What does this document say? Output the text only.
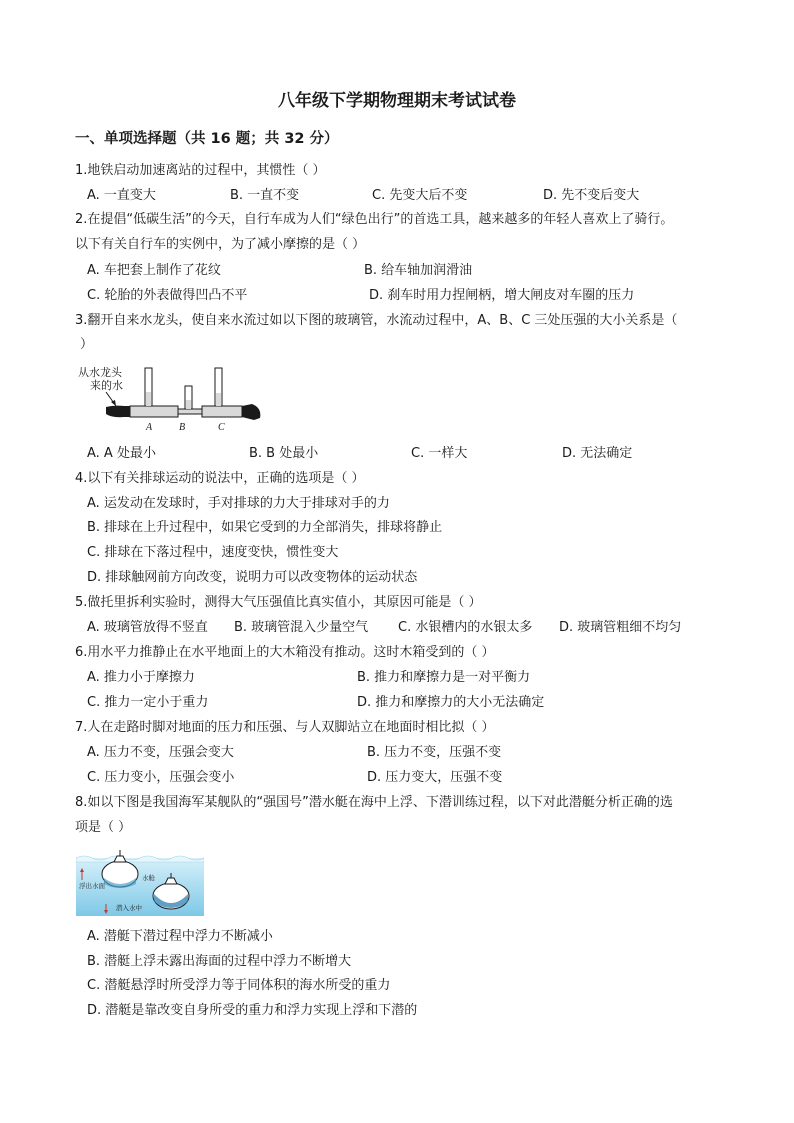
八年级下学期物理期末考试试卷
一、单项选择题（共 16 题；共 32 分）
1.地铁启动加速离站的过程中，其惯性（ ）
A. 一直变大	B. 一直不变	C. 先变大后不变	D. 先不变后变大
2.在提倡“低碳生活”的今天，自行车成为人们“绿色出行”的首选工具，越来越多的年轻人喜欢上了骑行。
以下有关自行车的实例中，为了减小摩擦的是（ ）
A. 车把套上制作了花纹	B. 给车轴加润滑油
C. 轮胎的外表做得凹凸不平	D. 刹车时用力捏闸柄，增大闸皮对车圈的压力
3.翻开自来水龙头，使自来水流过如以下图的玻璃管，水流动过程中，A、B、C 三处压强的大小关系是（
）
从水龙头
来的水
A	B	C
A. A 处最小	B. B 处最小	C. 一样大	D. 无法确定
4.以下有关排球运动的说法中，正确的选项是（ ）
A. 运发动在发球时，手对排球的力大于排球对手的力
B. 排球在上升过程中，如果它受到的力全部消失，排球将静止
C. 排球在下落过程中，速度变快，惯性变大
D. 排球触网前方向改变，说明力可以改变物体的运动状态
5.做托里拆利实验时，测得大气压强值比真实值小，其原因可能是（ ）
A. 玻璃管放得不竖直 B. 玻璃管混入少量空气 C. 水银槽内的水银太多 D. 玻璃管粗细不均匀
6.用水平力推静止在水平地面上的大木箱没有推动。这时木箱受到的（ ）
A. 推力小于摩擦力	B. 推力和摩擦力是一对平衡力
C. 推力一定小于重力	D. 推力和摩擦力的大小无法确定
7.人在走路时脚对地面的压力和压强、与人双脚站立在地面时相比拟（ ）
A. 压力不变，压强会变大	B. 压力不变，压强不变
C. 压力变小，压强会变小	D. 压力变大，压强不变
8.如以下图是我国海军某舰队的“强国号”潜水艇在海中上浮、下潜训练过程，以下对此潜艇分析正确的选
项是（ ）
浮出水面
水舱
潜入水中
A. 潜艇下潜过程中浮力不断减小
B. 潜艇上浮未露出海面的过程中浮力不断增大
C. 潜艇悬浮时所受浮力等于同体积的海水所受的重力
D. 潜艇是靠改变自身所受的重力和浮力实现上浮和下潜的
